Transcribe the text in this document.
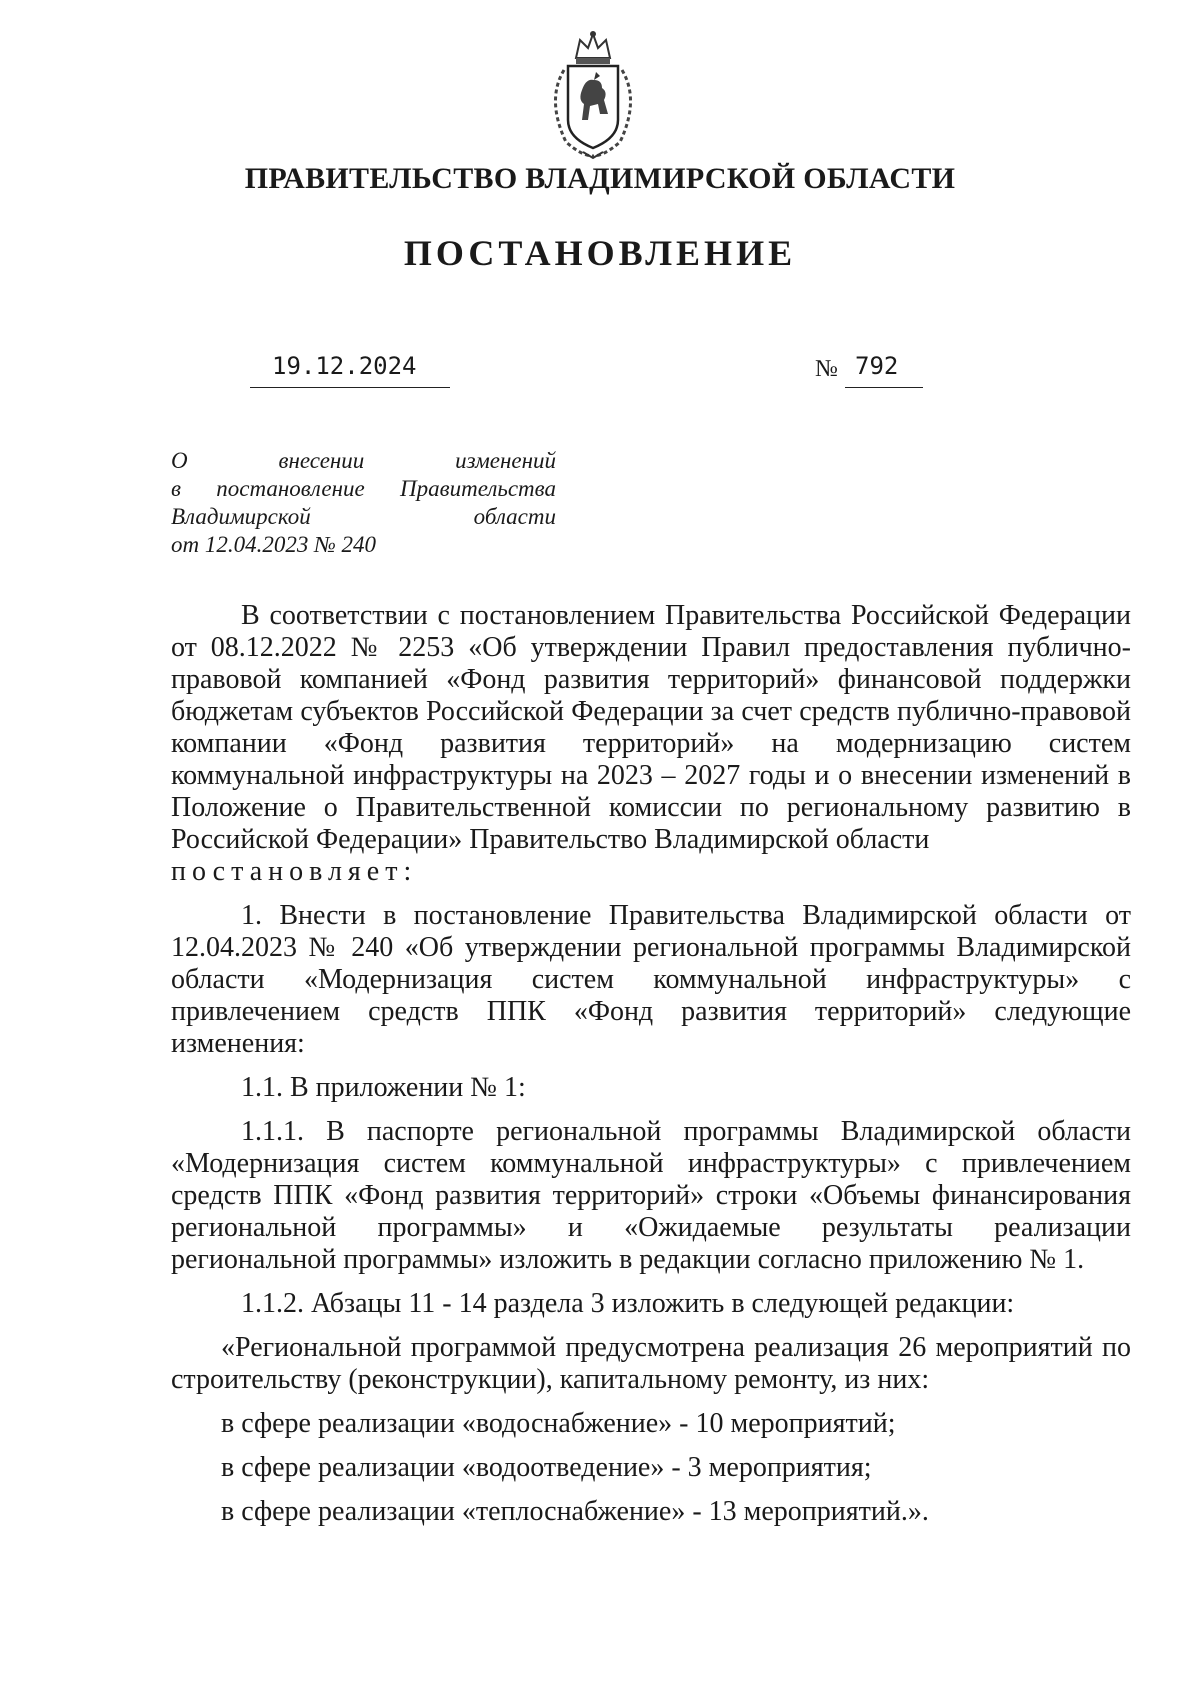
ПРАВИТЕЛЬСТВО ВЛАДИМИРСКОЙ ОБЛАСТИ
ПОСТАНОВЛЕНИЕ
19.12.2024	№ 792
О	внесении	изменений
в постановление Правительства
Владимирской	области
от 12.04.2023 № 240

В соответствии с постановлением Правительства Российской Федерации от 08.12.2022 № 2253 «Об утверждении Правил предоставления публично-правовой компанией «Фонд развития территорий» финансовой поддержки бюджетам субъектов Российской Федерации за счет средств публично-правовой компании «Фонд развития территорий» на модернизацию систем коммунальной инфраструктуры на 2023 – 2027 годы и о внесении изменений в Положение о Правительственной комиссии по региональному развитию в Российской Федерации» Правительство Владимирской области

постановляет:

1. Внести в постановление Правительства Владимирской области от 12.04.2023 № 240 «Об утверждении региональной программы Владимирской области «Модернизация систем коммунальной инфраструктуры» с привлечением средств ППК «Фонд развития территорий» следующие изменения:

1.1. В приложении № 1:

1.1.1. В паспорте региональной программы Владимирской области «Модернизация систем коммунальной инфраструктуры» с привлечением средств ППК «Фонд развития территорий» строки «Объемы финансирования региональной программы» и «Ожидаемые результаты реализации региональной программы» изложить в редакции согласно приложению № 1.

1.1.2. Абзацы 11 - 14 раздела 3 изложить в следующей редакции:

«Региональной программой предусмотрена реализация 26 мероприятий по строительству (реконструкции), капитальному ремонту, из них:

в сфере реализации «водоснабжение» - 10 мероприятий;

в сфере реализации «водоотведение» - 3 мероприятия;

в сфере реализации «теплоснабжение» - 13 мероприятий.».
